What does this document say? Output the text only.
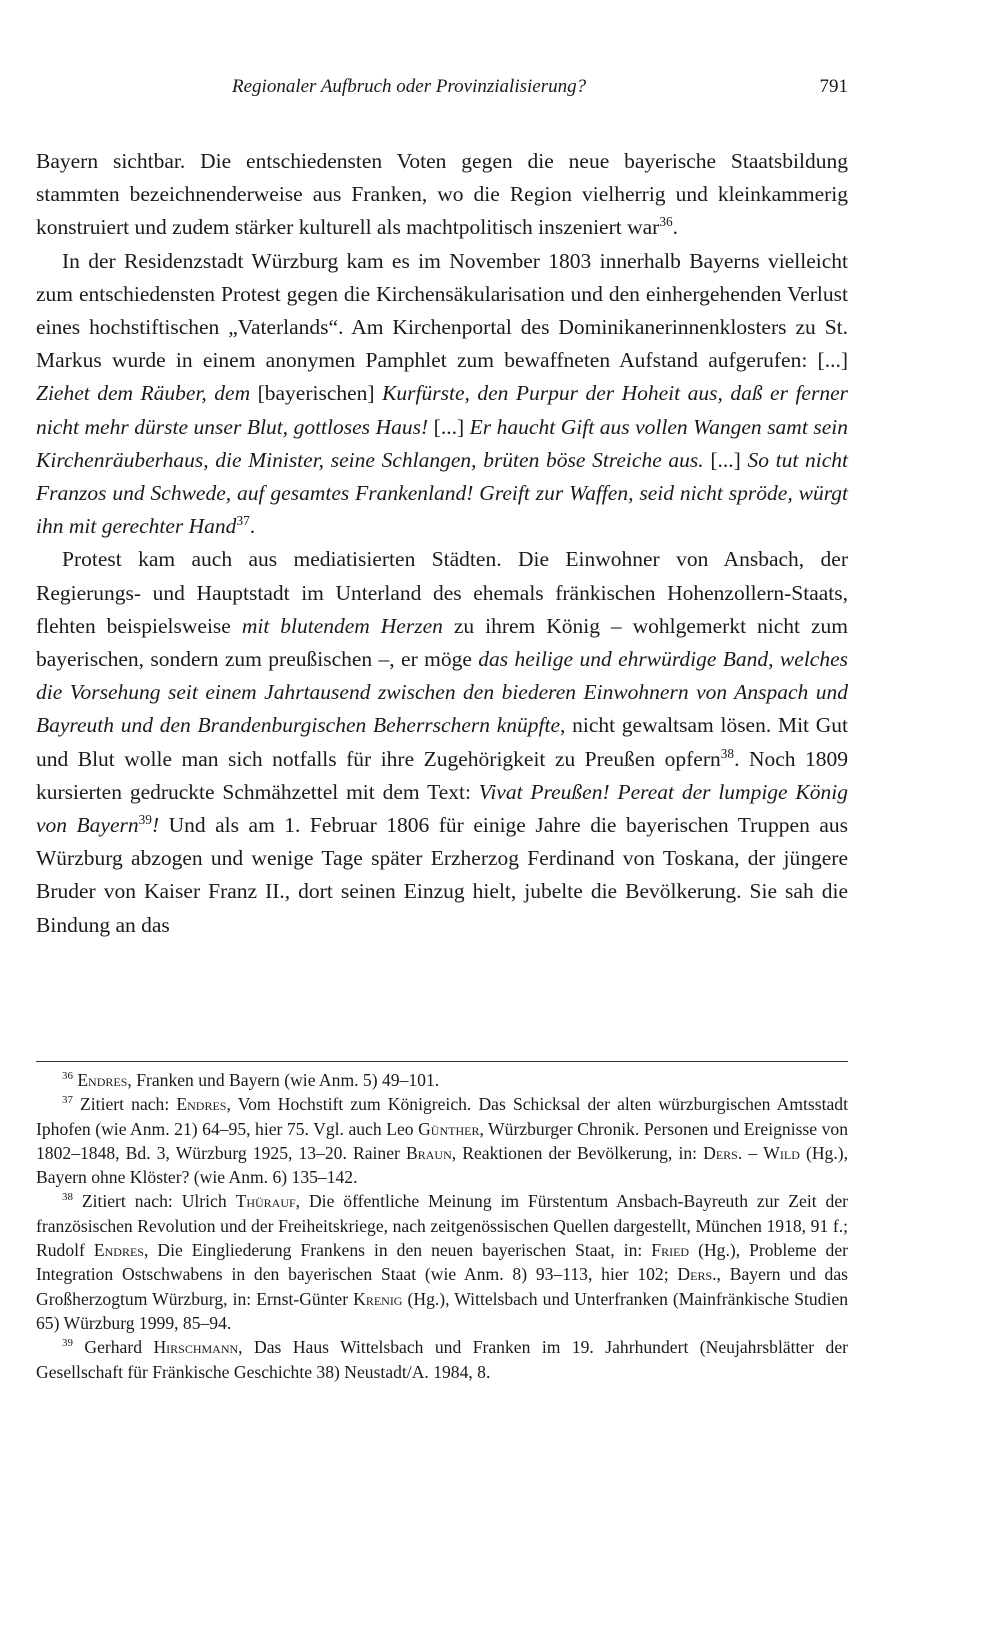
Regionaler Aufbruch oder Provinzialisierung?	791

Bayern sichtbar. Die entschiedensten Voten gegen die neue bayerische Staatsbildung stammten bezeichnenderweise aus Franken, wo die Region vielherrig und kleinkammerig konstruiert und zudem stärker kulturell als machtpolitisch inszeniert war$^{36}$.

In der Residenzstadt Würzburg kam es im November 1803 innerhalb Bayerns vielleicht zum entschiedensten Protest gegen die Kirchensäkularisation und den einhergehenden Verlust eines hochstiftischen „Vaterlands“. Am Kirchenportal des Dominikanerinnenklosters zu St. Markus wurde in einem anonymen Pamphlet zum bewaffneten Aufstand aufgerufen: [...] Ziehet dem Räuber, dem [bayerischen] Kurfürste, den Purpur der Hoheit aus, daß er ferner nicht mehr dürste unser Blut, gottloses Haus! [...] Er haucht Gift aus vollen Wangen samt sein Kirchenräuberhaus, die Minister, seine Schlangen, brüten böse Streiche aus. [...] So tut nicht Franzos und Schwede, auf gesamtes Frankenland! Greift zur Waffen, seid nicht spröde, würgt ihn mit gerechter Hand$^{37}$.

Protest kam auch aus mediatisierten Städten. Die Einwohner von Ansbach, der Regierungs- und Hauptstadt im Unterland des ehemals fränkischen Hohenzollern-Staats, flehten beispielsweise mit blutendem Herzen zu ihrem König – wohlgemerkt nicht zum bayerischen, sondern zum preußischen –, er möge das heilige und ehrwürdige Band, welches die Vorsehung seit einem Jahrtausend zwischen den biederen Einwohnern von Anspach und Bayreuth und den Brandenburgischen Beherrschern knüpfte, nicht gewaltsam lösen. Mit Gut und Blut wolle man sich notfalls für ihre Zugehörigkeit zu Preußen opfern$^{38}$. Noch 1809 kursierten gedruckte Schmähzettel mit dem Text: Vivat Preußen! Pereat der lumpige König von Bayern$^{39}$! Und als am 1. Februar 1806 für einige Jahre die bayerischen Truppen aus Würzburg abzogen und wenige Tage später Erzherzog Ferdinand von Toskana, der jüngere Bruder von Kaiser Franz II., dort seinen Einzug hielt, jubelte die Bevölkerung. Sie sah die Bindung an das

$^{36}$ Endres, Franken und Bayern (wie Anm. 5) 49–101.

$^{37}$ Zitiert nach: Endres, Vom Hochstift zum Königreich. Das Schicksal der alten würzburgischen Amtsstadt Iphofen (wie Anm. 21) 64–95, hier 75. Vgl. auch Leo Günther, Würzburger Chronik. Personen und Ereignisse von 1802–1848, Bd. 3, Würzburg 1925, 13–20. Rainer Braun, Reaktionen der Bevölkerung, in: Ders. – Wild (Hg.), Bayern ohne Klöster? (wie Anm. 6) 135–142.

$^{38}$ Zitiert nach: Ulrich Thürauf, Die öffentliche Meinung im Fürstentum Ansbach-Bayreuth zur Zeit der französischen Revolution und der Freiheitskriege, nach zeitgenössischen Quellen dargestellt, München 1918, 91 f.; Rudolf Endres, Die Eingliederung Frankens in den neuen bayerischen Staat, in: Fried (Hg.), Probleme der Integration Ostschwabens in den bayerischen Staat (wie Anm. 8) 93–113, hier 102; Ders., Bayern und das Großherzogtum Würzburg, in: Ernst-Günter Krenig (Hg.), Wittelsbach und Unterfranken (Mainfränkische Studien 65) Würzburg 1999, 85–94.

$^{39}$ Gerhard Hirschmann, Das Haus Wittelsbach und Franken im 19. Jahrhundert (Neujahrsblätter der Gesellschaft für Fränkische Geschichte 38) Neustadt/A. 1984, 8.
